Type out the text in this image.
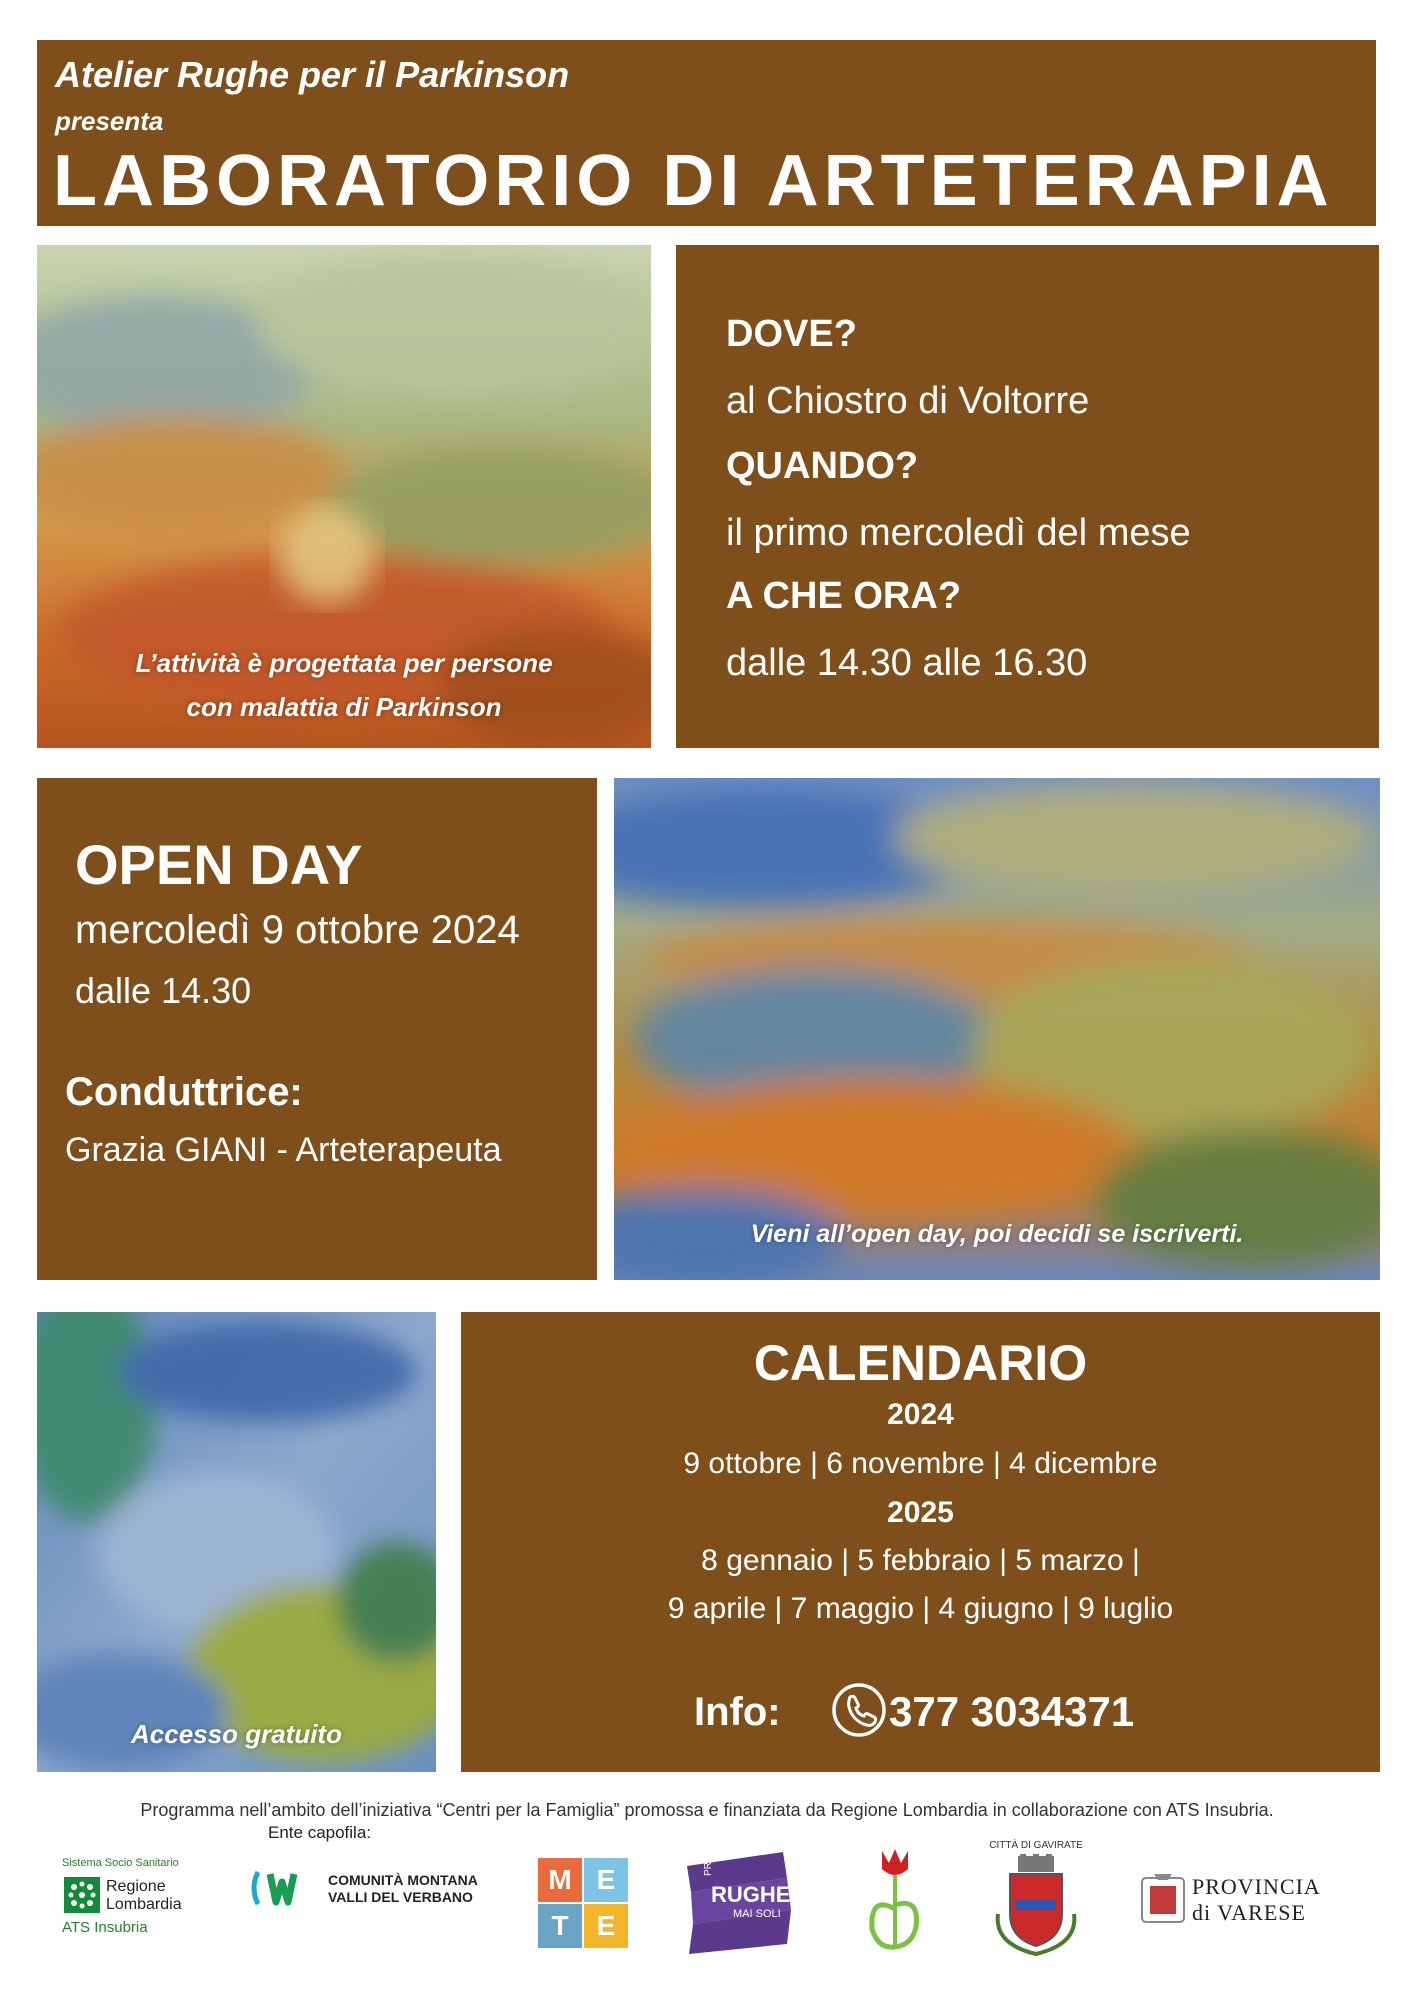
Atelier Rughe per il Parkinson
presenta
LABORATORIO DI ARTETERAPIA
L’attività è progettata per persone
con malattia di Parkinson
DOVE?
al Chiostro di Voltorre
QUANDO?
il primo mercoledì del mese
A CHE ORA?
dalle 14.30 alle 16.30
OPEN DAY
mercoledì 9 ottobre 2024
dalle 14.30
Conduttrice:
Grazia GIANI - Arteterapeuta
Vieni all’open day, poi decidi se iscriverti.
Accesso gratuito
CALENDARIO
2024
9 ottobre | 6 novembre | 4 dicembre
2025
8 gennaio | 5 febbraio | 5 marzo |
9 aprile | 7 maggio | 4 giugno | 9 luglio
Info:	377 3034371
Programma nell’ambito dell’iniziativa “Centri per la Famiglia” promossa e finanziata da Regione Lombardia in collaborazione con ATS Insubria.
Ente capofila:
Sistema Socio Sanitario
Regione
Lombardia
ATS Insubria
COMUNITÀ MONTANA
VALLI DEL VERBANO
M E
T	E
PROGETTO
RUGHE
MAI SOLI
CITTÀ DI GAVIRATE
PROVINCIA
di VARESE
